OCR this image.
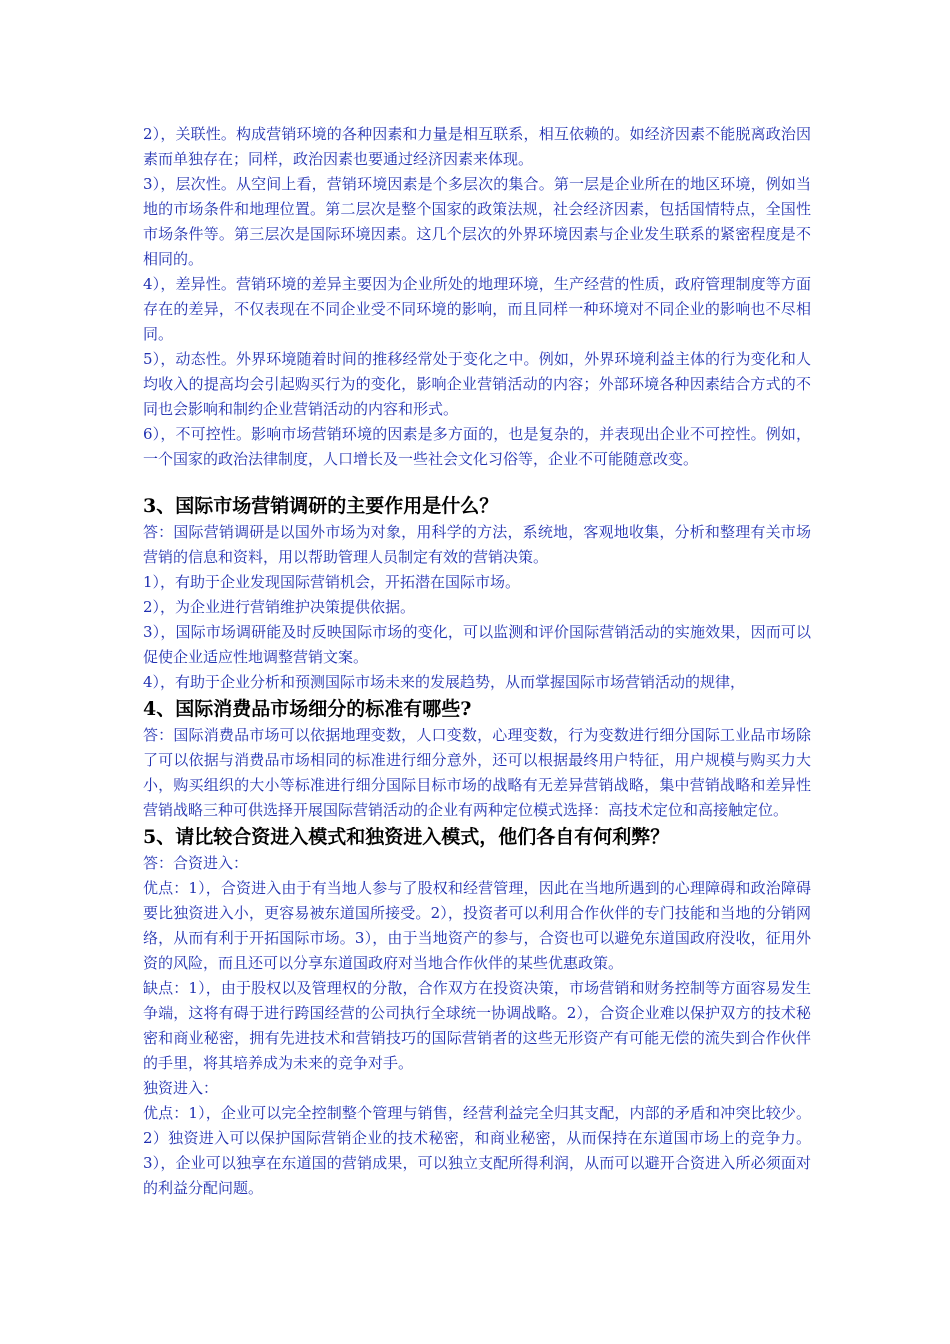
2），关联性。构成营销环境的各种因素和力量是相互联系，相互依赖的。如经济因素不能脱离政治因素而单独存在；同样，政治因素也要通过经济因素来体现。

3），层次性。从空间上看，营销环境因素是个多层次的集合。第一层是企业所在的地区环境，例如当地的市场条件和地理位置。第二层次是整个国家的政策法规，社会经济因素，包括国情特点，全国性市场条件等。第三层次是国际环境因素。这几个层次的外界环境因素与企业发生联系的紧密程度是不相同的。

4），差异性。营销环境的差异主要因为企业所处的地理环境，生产经营的性质，政府管理制度等方面存在的差异，不仅表现在不同企业受不同环境的影响，而且同样一种环境对不同企业的影响也不尽相同。

5），动态性。外界环境随着时间的推移经常处于变化之中。例如，外界环境利益主体的行为变化和人均收入的提高均会引起购买行为的变化，影响企业营销活动的内容；外部环境各种因素结合方式的不同也会影响和制约企业营销活动的内容和形式。

6），不可控性。影响市场营销环境的因素是多方面的，也是复杂的，并表现出企业不可控性。例如，一个国家的政治法律制度，人口增长及一些社会文化习俗等，企业不可能随意改变。

3、国际市场营销调研的主要作用是什么？

答：国际营销调研是以国外市场为对象，用科学的方法，系统地，客观地收集，分析和整理有关市场营销的信息和资料，用以帮助管理人员制定有效的营销决策。

1），有助于企业发现国际营销机会，开拓潜在国际市场。

2），为企业进行营销维护决策提供依据。

3），国际市场调研能及时反映国际市场的变化，可以监测和评价国际营销活动的实施效果，因而可以促使企业适应性地调整营销文案。

4），有助于企业分析和预测国际市场未来的发展趋势，从而掌握国际市场营销活动的规律，

4、国际消费品市场细分的标准有哪些?

答：国际消费品市场可以依据地理变数，人口变数，心理变数，行为变数进行细分国际工业品市场除了可以依据与消费品市场相同的标准进行细分意外，还可以根据最终用户特征，用户规模与购买力大小，购买组织的大小等标准进行细分国际目标市场的战略有无差异营销战略，集中营销战略和差异性营销战略三种可供选择开展国际营销活动的企业有两种定位模式选择：高技术定位和高接触定位。

5、请比较合资进入模式和独资进入模式，他们各自有何利弊？

答：合资进入：

优点：1），合资进入由于有当地人参与了股权和经营管理，因此在当地所遇到的心理障碍和政治障碍要比独资进入小，更容易被东道国所接受。2），投资者可以利用合作伙伴的专门技能和当地的分销网络，从而有利于开拓国际市场。3），由于当地资产的参与，合资也可以避免东道国政府没收，征用外资的风险，而且还可以分享东道国政府对当地合作伙伴的某些优惠政策。

缺点：1），由于股权以及管理权的分散，合作双方在投资决策，市场营销和财务控制等方面容易发生争端，这将有碍于进行跨国经营的公司执行全球统一协调战略。2），合资企业难以保护双方的技术秘密和商业秘密，拥有先进技术和营销技巧的国际营销者的这些无形资产有可能无偿的流失到合作伙伴的手里，将其培养成为未来的竞争对手。

独资进入：

优点：1），企业可以完全控制整个管理与销售，经营利益完全归其支配，内部的矛盾和冲突比较少。2）独资进入可以保护国际营销企业的技术秘密，和商业秘密，从而保持在东道国市场上的竞争力。3），企业可以独享在东道国的营销成果，可以独立支配所得利润，从而可以避开合资进入所必须面对的利益分配问题。
